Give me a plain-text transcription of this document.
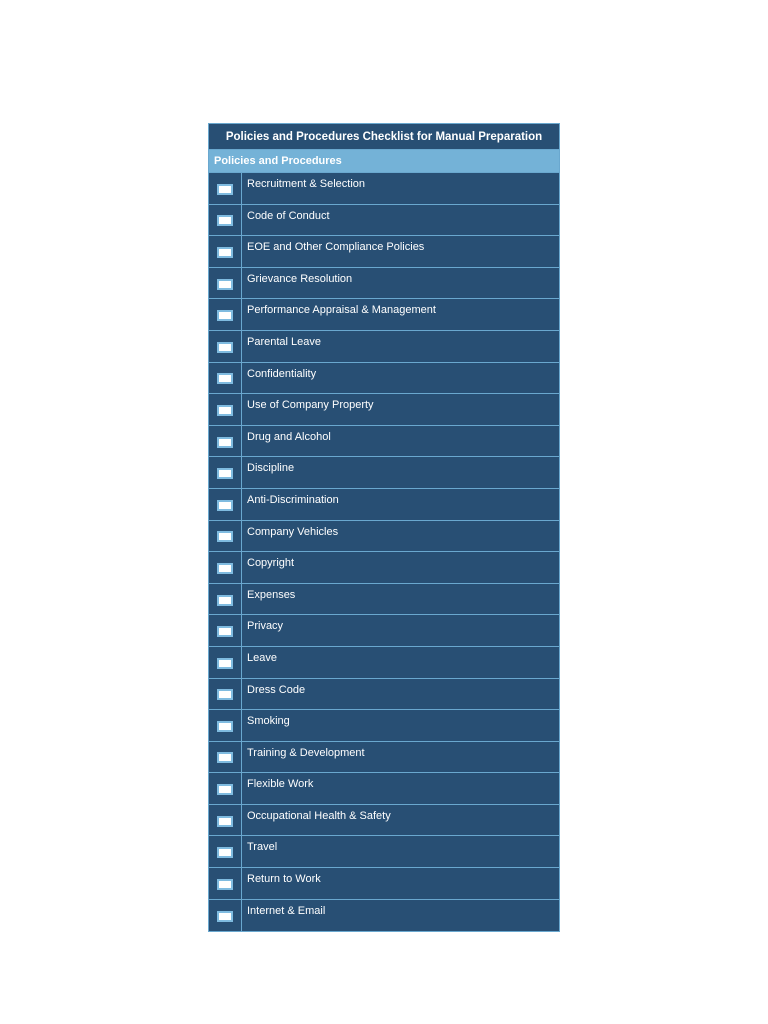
Policies and Procedures Checklist for Manual Preparation
Policies and Procedures
Recruitment & Selection
Code of Conduct
EOE and Other Compliance Policies
Grievance Resolution
Performance Appraisal & Management
Parental Leave
Confidentiality
Use of Company Property
Drug and Alcohol
Discipline
Anti-Discrimination
Company Vehicles
Copyright
Expenses
Privacy
Leave
Dress Code
Smoking
Training & Development
Flexible Work
Occupational Health & Safety
Travel
Return to Work
Internet & Email
